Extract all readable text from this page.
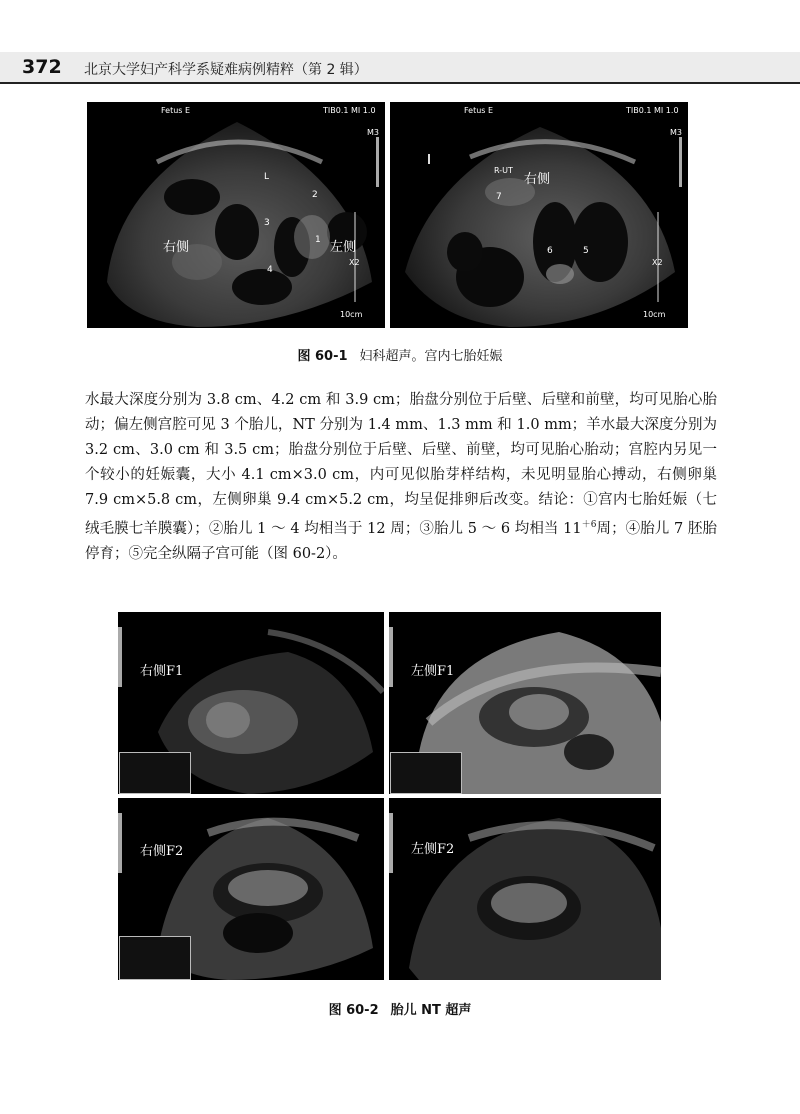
372 北京大学妇产科学系疑难病例精粹（第 2 辑）
Fetus E	TIB0.1 MI 1.0
M3
L
2
3
1
4
右侧	左侧
X2
10cm
Fetus E	TIB0.1 MI 1.0
M3
R-UT
右侧
7
6	5
X2
10cm
图 60-1 妇科超声。宫内七胎妊娠

水最大深度分别为 3.8 cm、4.2 cm 和 3.9 cm；胎盘分别位于后壁、后壁和前壁，均可见胎心胎动；偏左侧宫腔可见 3 个胎儿，NT 分别为 1.4 mm、1.3 mm 和 1.0 mm；羊水最大深度分别为 3.2 cm、3.0 cm 和 3.5 cm；胎盘分别位于后壁、后壁、前壁，均可见胎心胎动；宫腔内另见一个较小的妊娠囊，大小 4.1 cm×3.0 cm，内可见似胎芽样结构，未见明显胎心搏动，右侧卵巢 7.9 cm×5.8 cm，左侧卵巢 9.4 cm×5.2 cm，均呈促排卵后改变。结论：①宫内七胎妊娠（七绒毛膜七羊膜囊）；②胎儿 1 ～ 4 均相当于 12 周；③胎儿 5 ～ 6 均相当 $11^{+6}$周；④胎儿 7 胚胎停育；⑤完全纵隔子宫可能（图 60-2）。

右侧F1	左侧F1
右侧F2	左侧F2
图 60-2 胎儿 NT 超声
